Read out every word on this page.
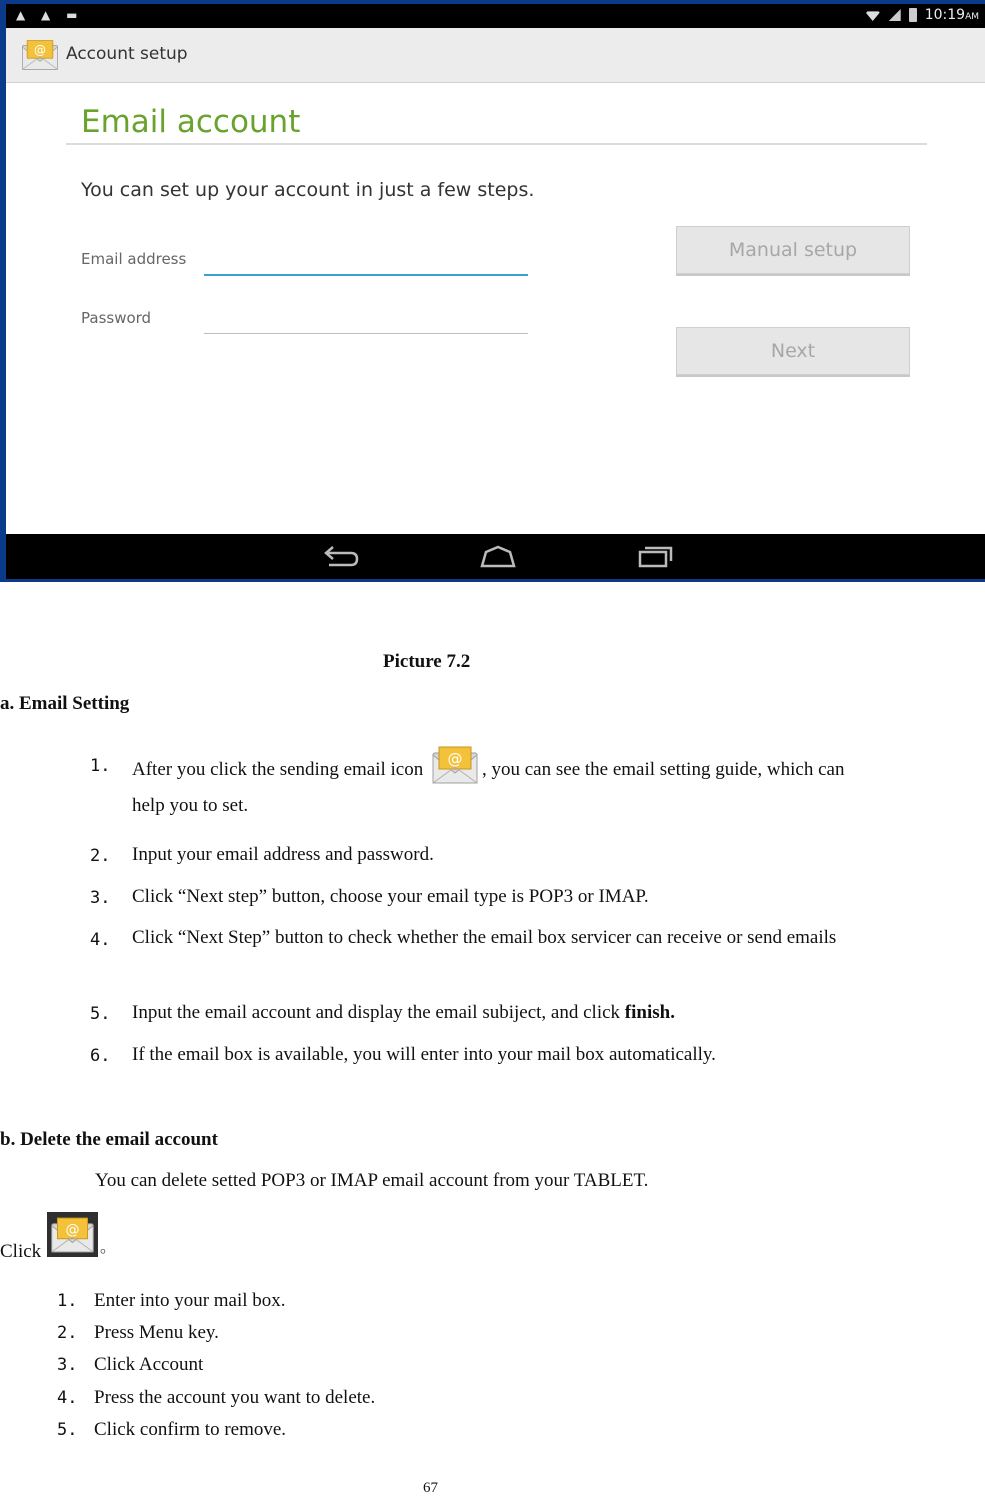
▲ ▲ ▬	10:19AM
Account setup
Email account
You can set up your account in just a few steps.
Email address
Password
Manual setup
Next
Picture 7.2
a. Email Setting
1. After you click the sending email icon	, you can see the email setting guide, which can help you to set.
2. Input your email address and password.
3. Click “Next step” button, choose your email type is POP3 or IMAP.
4. Click “Next Step” button to check whether the email box servicer can receive or send emails
5. Input the email account and display the email subiject, and click finish.
6. If the email box is available, you will enter into your mail box automatically.
b. Delete the email account
You can delete setted POP3 or IMAP email account from your TABLET.
Click	。
1. Enter into your mail box.
2. Press Menu key.
3. Click Account
4. Press the account you want to delete.
5. Click confirm to remove.
67
